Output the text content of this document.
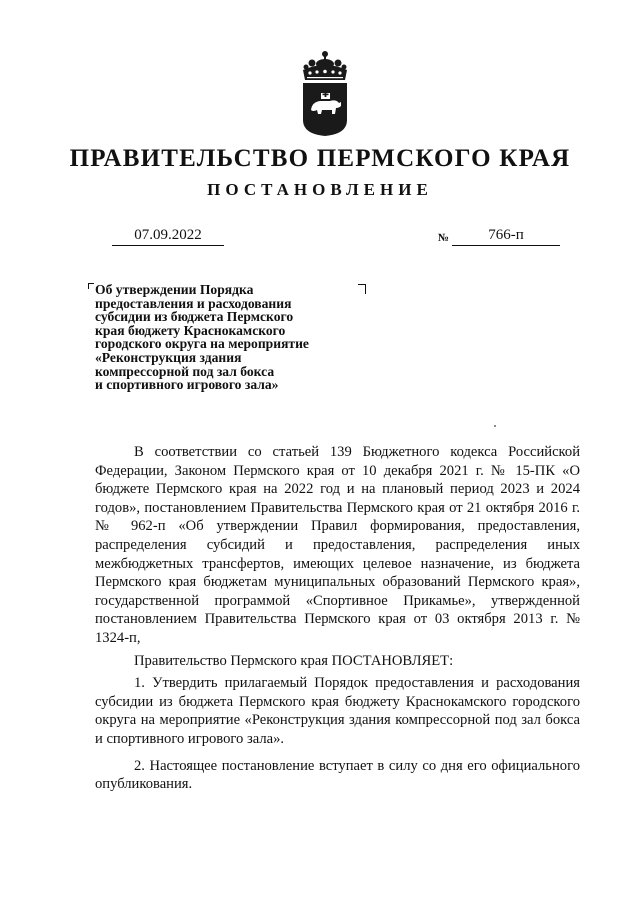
ПРАВИТЕЛЬСТВО ПЕРМСКОГО КРАЯ
ПОСТАНОВЛЕНИЕ
07.09.2022	№	766-п
Об утверждении Порядка
предоставления и расходования
субсидии из бюджета Пермского
края бюджету Краснокамского
городского округа на мероприятие
«Реконструкция здания
компрессорной под зал бокса
и спортивного игрового зала»

В соответствии со статьей 139 Бюджетного кодекса Российской Федерации, Законом Пермского края от 10 декабря 2021 г. № 15-ПК «О бюджете Пермского края на 2022 год и на плановый период 2023 и 2024 годов», постановлением Правительства Пермского края от 21 октября 2016 г. № 962-п «Об утверждении Правил формирования, предоставления, распределения субсидий и предоставления, распределения иных межбюджетных трансфертов, имеющих целевое назначение, из бюджета Пермского края бюджетам муниципальных образований Пермского края», государственной программой «Спортивное Прикамье», утвержденной постановлением Правительства Пермского края от 03 октября 2013 г. № 1324-п,

Правительство Пермского края ПОСТАНОВЛЯЕТ:

1. Утвердить прилагаемый Порядок предоставления и расходования субсидии из бюджета Пермского края бюджету Краснокамского городского округа на мероприятие «Реконструкция здания компрессорной под зал бокса и спортивного игрового зала».

2. Настоящее постановление вступает в силу со дня его официального опубликования.
